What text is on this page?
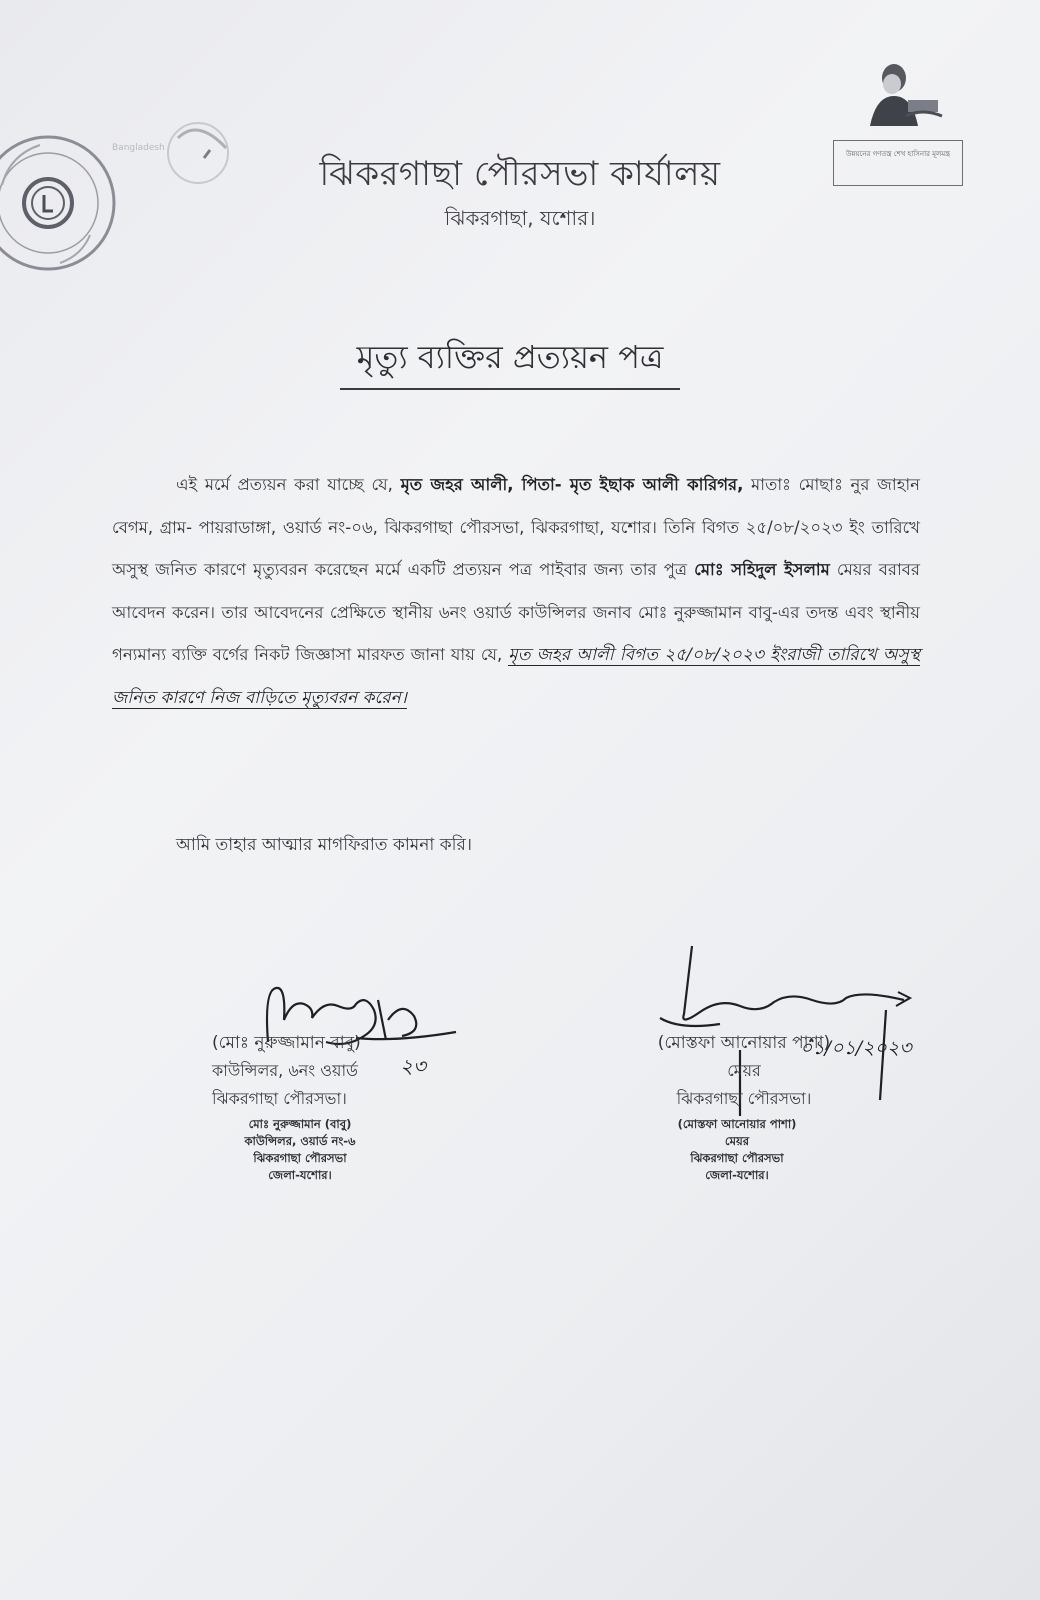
Bangladesh
উন্নয়নের গণতন্ত্র শেখ হাসিনার মূলমন্ত্র
ঝিকরগাছা পৌরসভা কার্যালয়
ঝিকরগাছা, যশোর।
মৃত্যু ব্যক্তির প্রত্যয়ন পত্র

এই মর্মে প্রত্যয়ন করা যাচ্ছে যে, মৃত জহর আলী, পিতা- মৃত ইছাক আলী কারিগর, মাতাঃ মোছাঃ নুর জাহান বেগম, গ্রাম- পায়রাডাঙ্গা, ওয়ার্ড নং-০৬, ঝিকরগাছা পৌরসভা, ঝিকরগাছা, যশোর। তিনি বিগত ২৫/০৮/২০২৩ ইং তারিখে অসুস্থ জনিত কারণে মৃত্যুবরন করেছেন মর্মে একটি প্রত্যয়ন পত্র পাইবার জন্য তার পুত্র মোঃ সহিদুল ইসলাম মেয়র বরাবর আবেদন করেন। তার আবেদনের প্রেক্ষিতে স্থানীয় ৬নং ওয়ার্ড কাউন্সিলর জনাব মোঃ নুরুজ্জামান বাবু-এর তদন্ত এবং স্থানীয় গন্যমান্য ব্যক্তি বর্গের নিকট জিজ্ঞাসা মারফত জানা যায় যে, মৃত জহর আলী বিগত ২৫/০৮/২০২৩ ইংরাজী তারিখে অসুস্থ জনিত কারণে নিজ বাড়িতে মৃত্যুবরন করেন।

আমি তাহার আত্মার মাগফিরাত কামনা করি।
২৩
(মোঃ নুরুজ্জামান বাবু)
কাউন্সিলর, ৬নং ওয়ার্ড
ঝিকরগাছা পৌরসভা।
মোঃ নুরুজ্জামান (বাবু)
কাউন্সিলর, ওয়ার্ড নং-৬
ঝিকরগাছা পৌরসভা
জেলা-যশোর।
০১/০১/২০২৩
(মোস্তফা আনোয়ার পাশা)
মেয়র
ঝিকরগাছা পৌরসভা।
(মোস্তফা আনোয়ার পাশা)
মেয়র
ঝিকরগাছা পৌরসভা
জেলা-যশোর।
